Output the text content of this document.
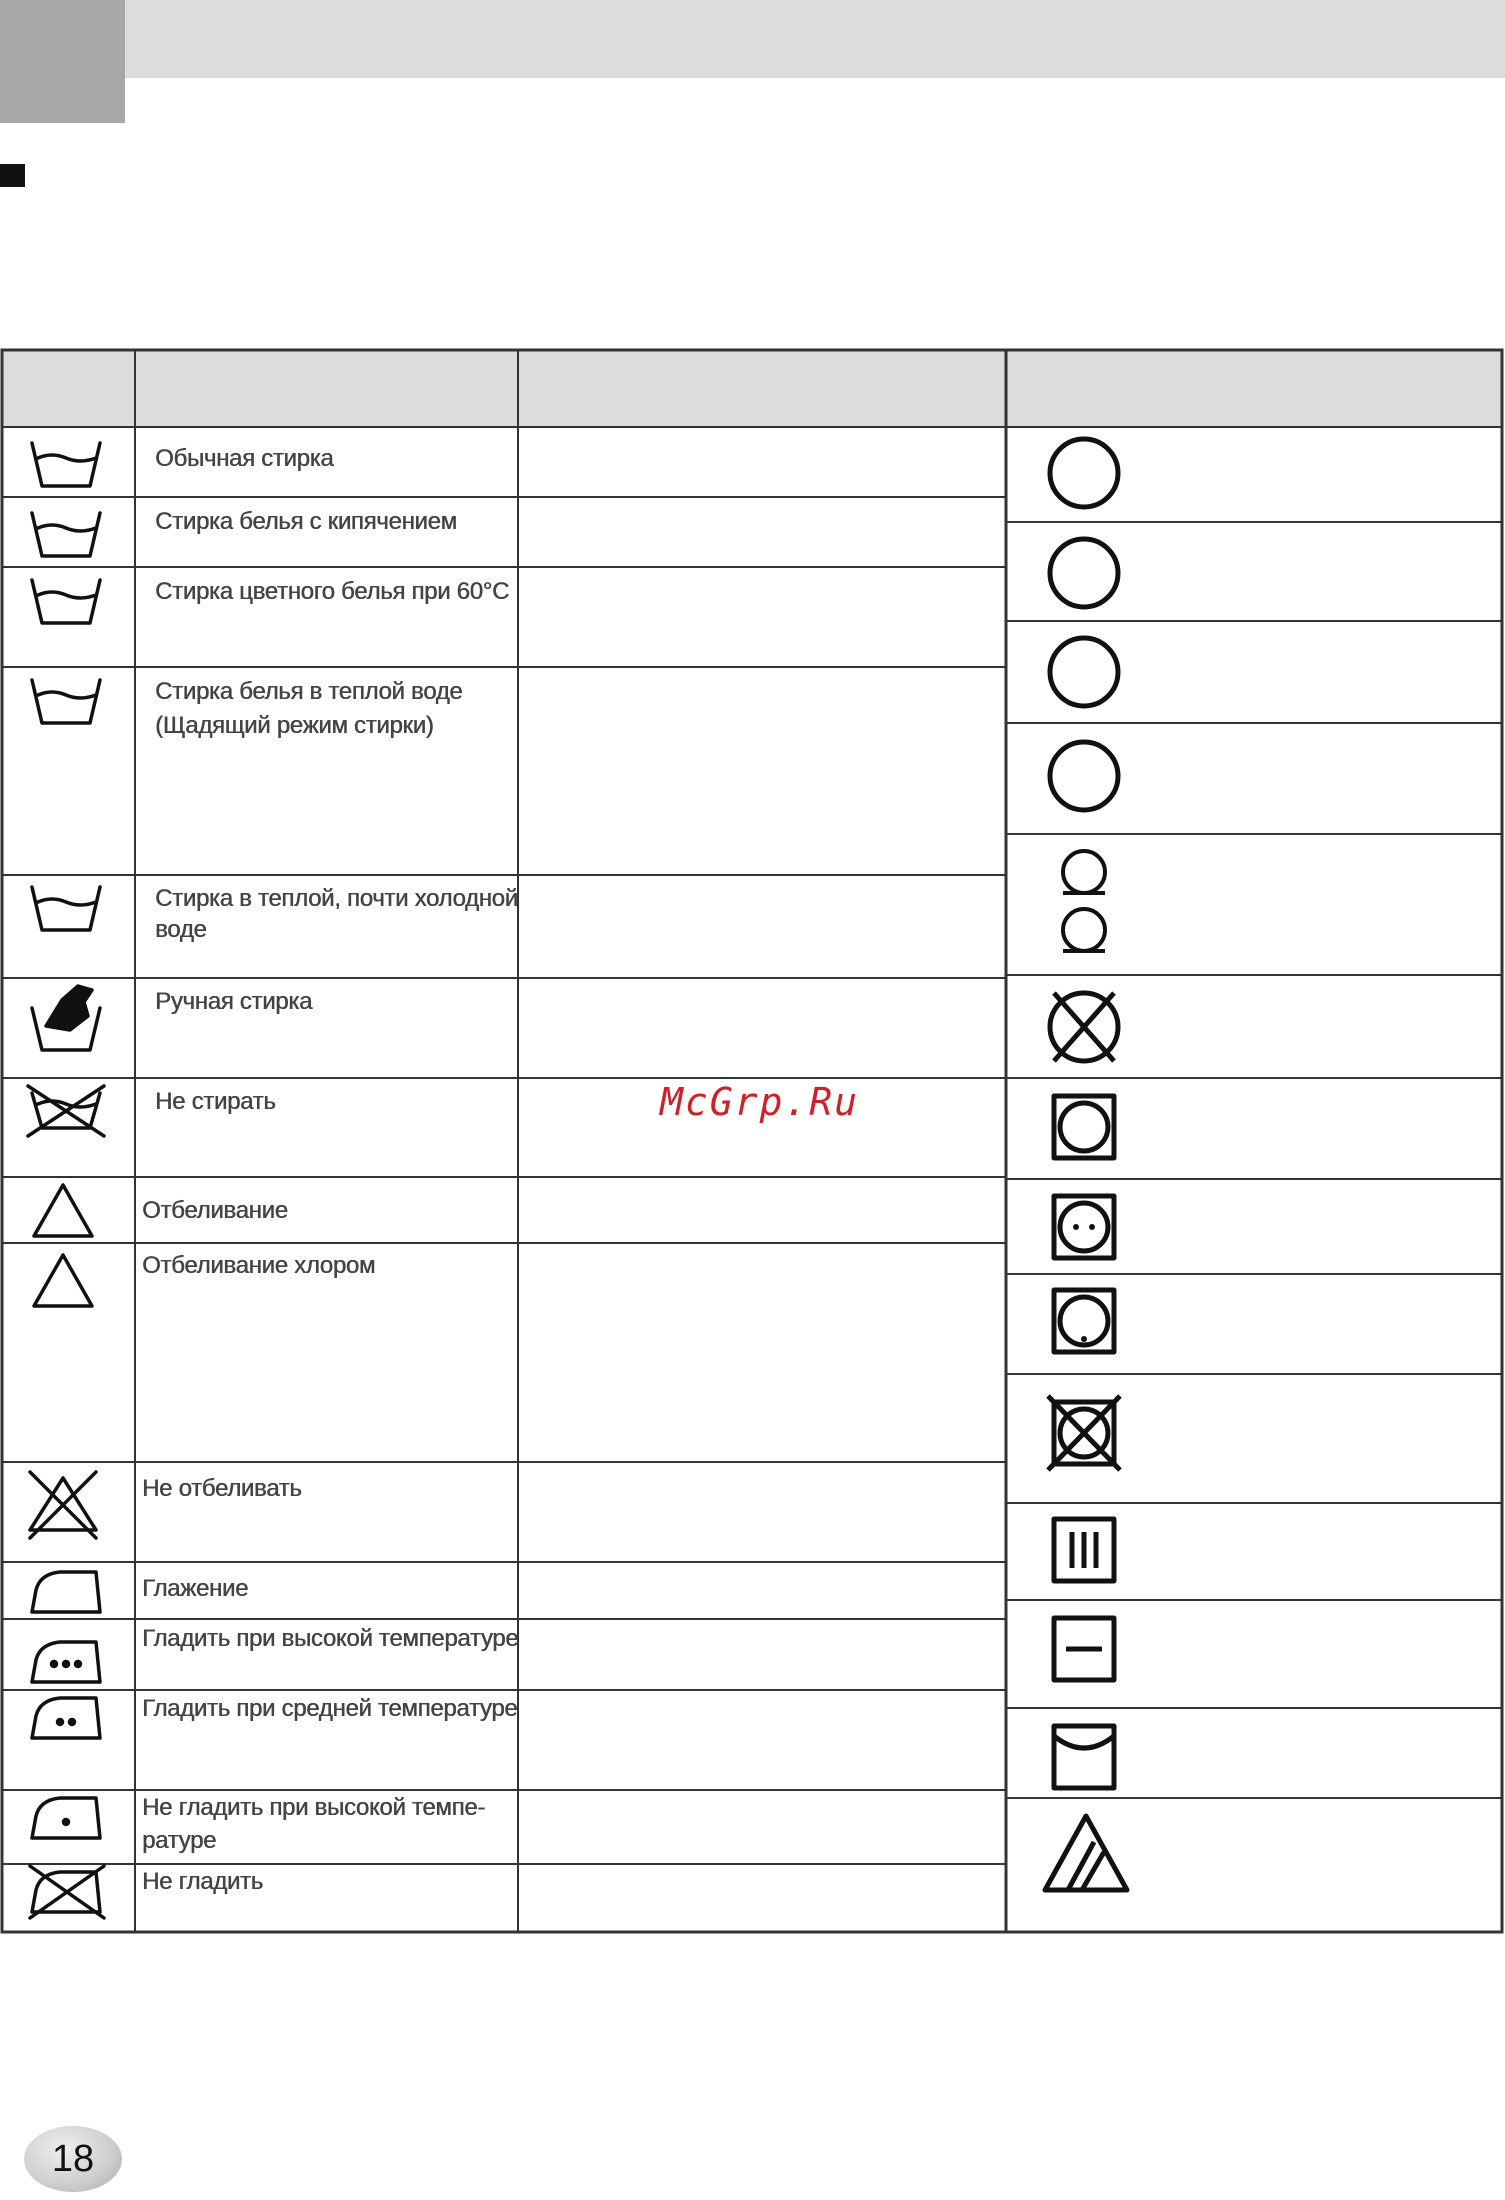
Обычная стирка
Стирка белья с кипячением
Стирка цветного белья при 60°С
Стирка белья в теплой воде
(Щадящий режим стирки)
Стирка в теплой, почти холодной
воде
Ручная стирка
Не стирать
Отбеливание
Отбеливание хлором
Не отбеливать
Глажение
Гладить при высокой температуре
Гладить при средней температуре
Не гладить при высокой темпе-
ратуре
Не гладить
McGrp.Ru
18
